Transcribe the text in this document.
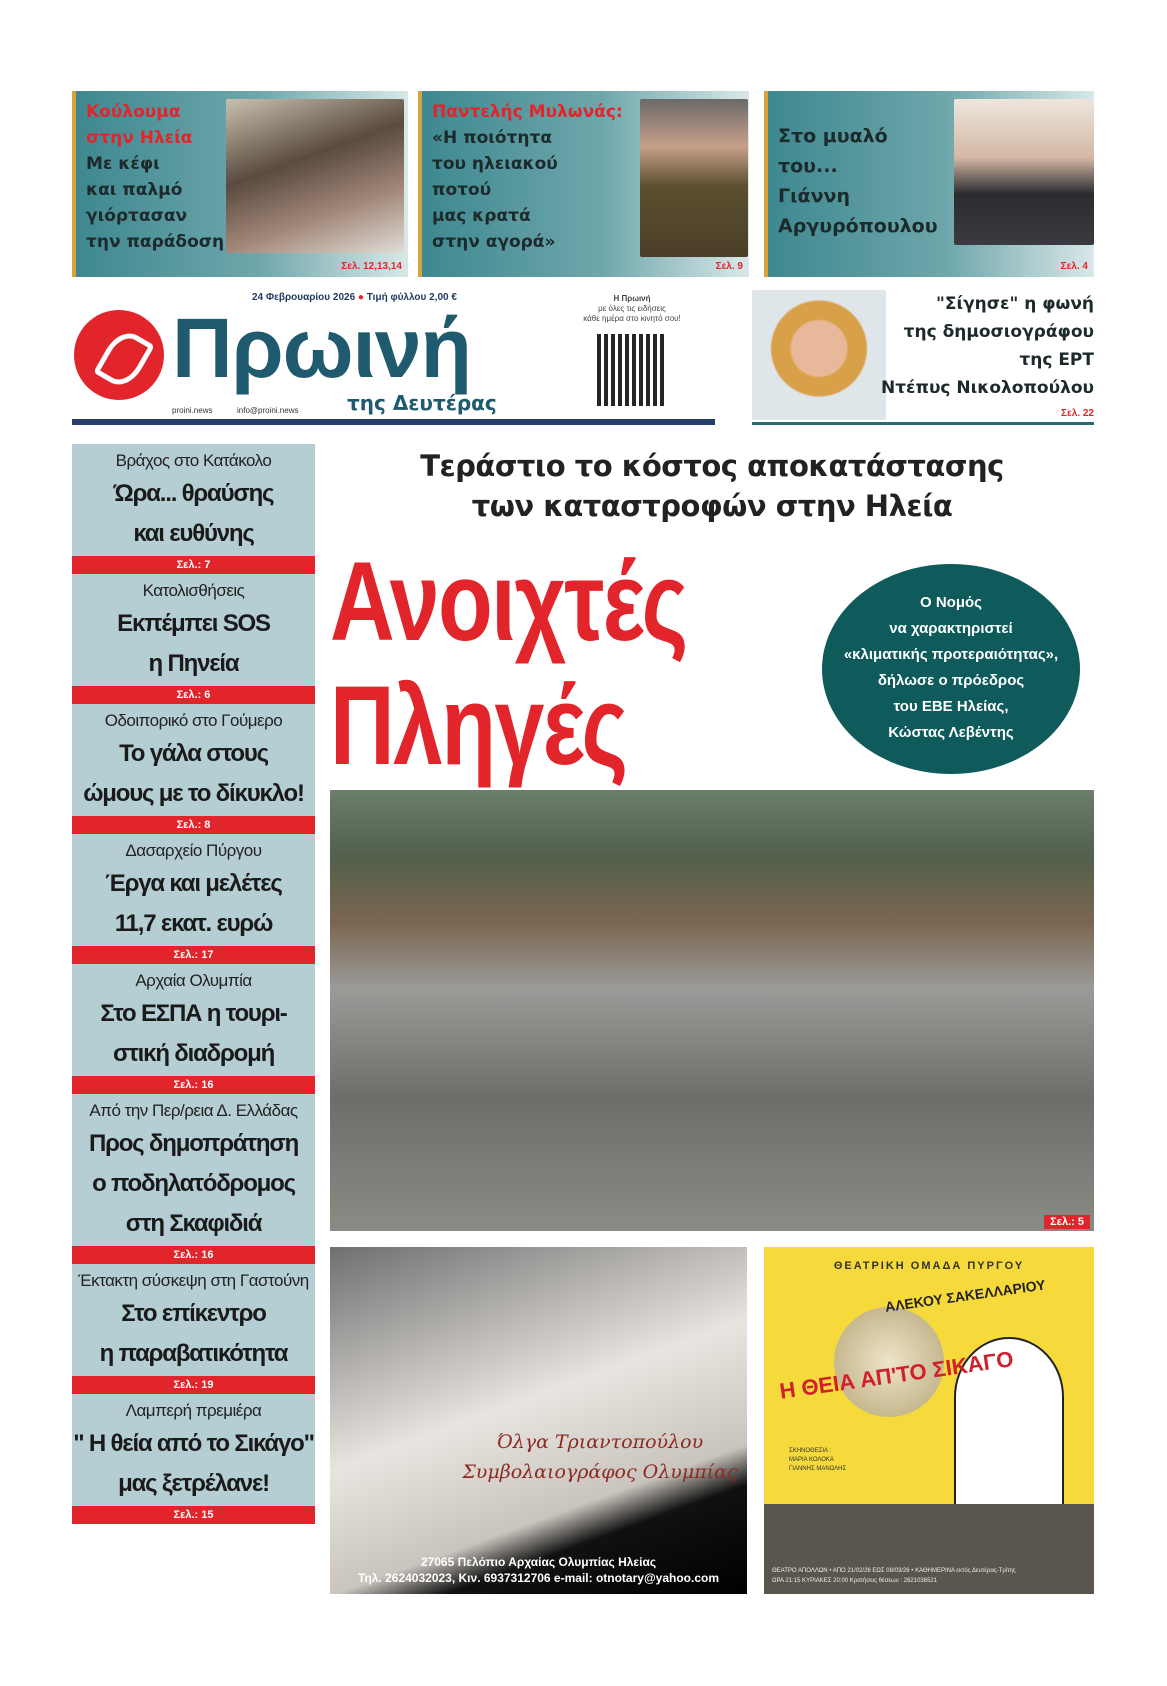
Κούλουμα
στην Ηλεία
Με κέφι
και παλμό
γιόρτασαν
την παράδοση
Σελ. 12,13,14
Παντελής Μυλωνάς:
«Η ποιότητα
του ηλειακού
ποτού
μας κρατά
στην αγορά»
Σελ. 9
Στο μυαλό
του...
Γιάννη
Αργυρόπουλου
Σελ. 4
24 Φεβρουαρίου 2026 ● Τιμή φύλλου 2,00 €
Πρωινή
proini.news	info@proini.news της Δευτέρας
Η Πρωινή
με όλες τις ειδήσεις
κάθε ημέρα στο κινητό σου!
"Σίγησε" η φωνή
της δημοσιογράφου
της ΕΡΤ
Ντέπυς Νικολοπούλου
Σελ. 22
Βράχος στο Κατάκολο
Ώρα... θραύσης
και ευθύνης
Σελ.: 7
Κατολισθήσεις
Εκπέμπει SOS
η Πηνεία
Σελ.: 6
Οδοιπορικό στο Γούμερο
Το γάλα στους
ώμους με το δίκυκλο!
Σελ.: 8
Δασαρχείο Πύργου
Έργα και μελέτες
11,7 εκατ. ευρώ
Σελ.: 17
Αρχαία Ολυμπία
Στο ΕΣΠΑ η τουρι-
στική διαδρομή
Σελ.: 16
Από την Περ/ρεια Δ. Ελλάδας
Προς δημοπράτηση
ο ποδηλατόδρομος
στη Σκαφιδιά
Σελ.: 16
Έκτακτη σύσκεψη στη Γαστούνη
Στο επίκεντρο
η παραβατικότητα
Σελ.: 19
Λαμπερή πρεμιέρα
" Η θεία από το Σικάγο"
μας ξετρέλανε!
Σελ.: 15
Τεράστιο το κόστος αποκατάστασης
των καταστροφών στην Ηλεία
Ανοιχτές
Πληγές
Ο Νομός
να χαρακτηριστεί
«κλιματικής προτεραιότητας»,
δήλωσε ο πρόεδρος
του ΕΒΕ Ηλείας,
Κώστας Λεβέντης
Σελ.: 5
Όλγα Τριαντοπούλου
Συμβολαιογράφος Ολυμπίας
27065 Πελόπιο Αρχαίας Ολυμπίας Ηλείας
Τηλ. 2624032023, Κιν. 6937312706 e-mail: otnotary@yahoo.com
ΘΕΑΤΡΙΚΗ ΟΜΑΔΑ ΠΥΡΓΟΥ
ΑΛΕΚΟΥ ΣΑΚΕΛΛΑΡΙΟΥ
Η ΘΕΙΑ ΑΠ'ΤΟ ΣΙΚΑΓΟ
ΣΚΗΝΟΘΕΣΙΑ :
ΜΑΡΙΑ ΚΟΛΟΚΑ
ΓΙΑΝΝΗΣ ΜΑΝΩΛΗΣ
ΘΕΑΤΡΟ ΑΠΟΛΛΩΝ • ΑΠΟ 21/02/26 ΕΩΣ 08/03/26 • ΚΑΘΗΜΕΡΙΝΑ εκτός Δευτέρας-Τρίτης
ΩΡΑ 21:15 ΚΥΡΙΑΚΕΣ 20:00 Κρατήσεις θέσεων : 2621036521
